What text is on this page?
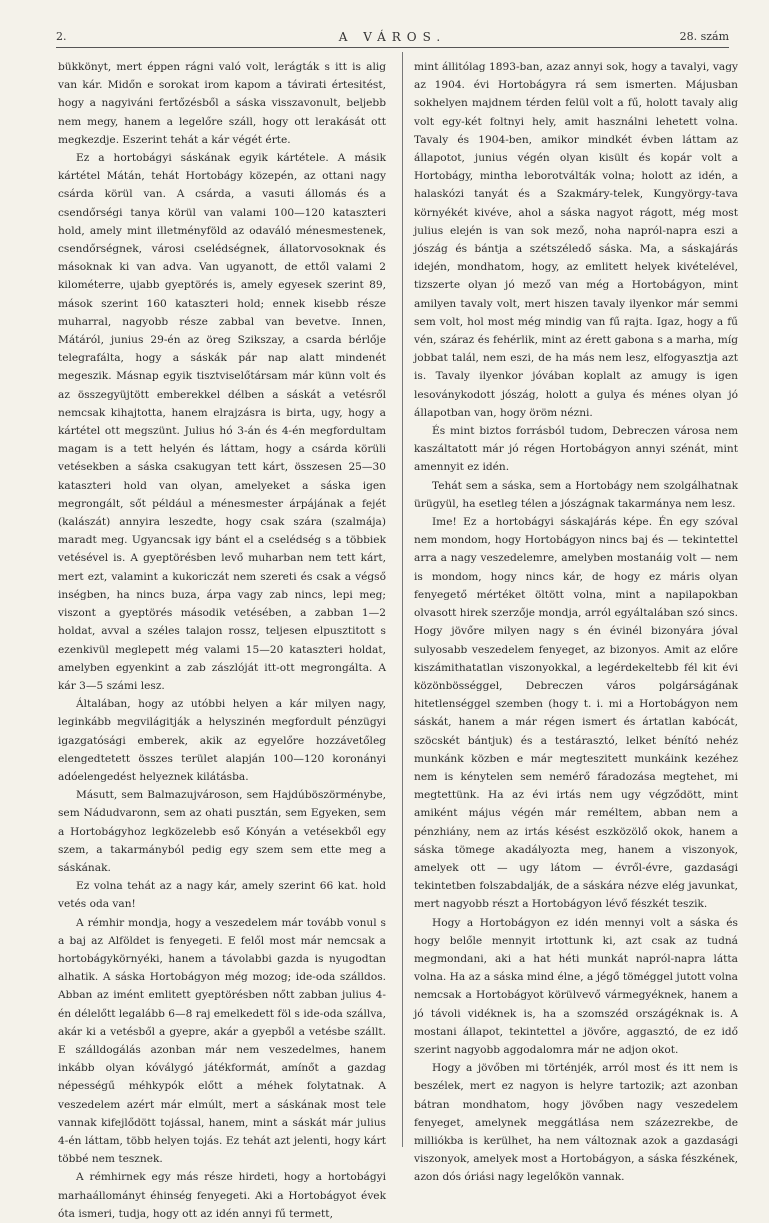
2.	A VÁROS.	28. szám

bükkönyt, mert éppen rágni való volt, lerágták s itt is alig van kár. Midőn e sorokat irom kapom a távirati értesitést, hogy a nagyiváni fertőzésből a sáska visszavonult, beljebb nem megy, hanem a legelőre száll, hogy ott lerakását ott megkezdje. Eszerint tehát a kár végét érte.

Ez a hortobágyi sáskának egyik kártétele. A másik kártétel Mátán, tehát Hortobágy közepén, az ottani nagy csárda körül van. A csárda, a vasuti állomás és a csendőrségi tanya körül van valami 100—120 kataszteri hold, amely mint illetményföld az odaváló ménesmestenek, csendőrségnek, városi cselédségnek, állatorvosoknak és másoknak ki van adva. Van ugyanott, de ettől valami 2 kilométerre, ujabb gyeptörés is, amely egyesek szerint 89, mások szerint 160 kataszteri hold; ennek kisebb része muharral, nagyobb része zabbal van bevetve. Innen, Mátáról, junius 29-én az öreg Szikszay, a csarda bérlője telegrafálta, hogy a sáskák pár nap alatt mindenét megeszik. Másnap egyik tisztviselőtársam már künn volt és az összegyüjtött emberekkel délben a sáskát a vetésről nemcsak kihajtotta, hanem elrajzásra is birta, ugy, hogy a kártétel ott megszünt. Julius hó 3-án és 4-én megfordultam magam is a tett helyén és láttam, hogy a csárda körüli vetésekben a sáska csakugyan tett kárt, összesen 25—30 kataszteri hold van olyan, amelyeket a sáska igen megrongált, sőt például a ménesmester árpájának a fejét (kalászát) annyira leszedte, hogy csak szára (szalmája) maradt meg. Ugyancsak igy bánt el a cselédség s a többiek vetésével is. A gyeptörésben levő muharban nem tett kárt, mert ezt, valamint a kukoriczát nem szereti és csak a végső inségben, ha nincs buza, árpa vagy zab nincs, lepi meg; viszont a gyeptörés második vetésében, a zabban 1—2 holdat, avval a széles talajon rossz, teljesen elpusztitott s ezenkivül meglepett még valami 15—20 kataszteri holdat, amelyben egyenkint a zab zászlóját itt-ott megrongálta. A kár 3—5 számi lesz.

Általában, hogy az utóbbi helyen a kár milyen nagy, leginkább megvilágitják a helyszinén megfordult pénzügyi igazgatósági emberek, akik az egyelőre hozzávetőleg elengedtetett összes terület alapján 100—120 koronányi adóelengedést helyeznek kilátásba.

Másutt, sem Balmazujvároson, sem Hajdúböszörménybe, sem Nádudvaronn, sem az ohati pusztán, sem Egyeken, sem a Hortobágyhoz legközelebb eső Kónyán a vetésekből egy szem, a takarmányból pedig egy szem sem ette meg a sáskának.

Ez volna tehát az a nagy kár, amely szerint 66 kat. hold vetés oda van!

A rémhir mondja, hogy a veszedelem már tovább vonul s a baj az Alföldet is fenyegeti. E felől most már nemcsak a hortobágykörnyéki, hanem a távolabbi gazda is nyugodtan alhatik. A sáska Hortobágyon még mozog; ide-oda szálldos. Abban az imént emlitett gyeptörésben nőtt zabban julius 4-én délelőtt legalább 6—8 raj emelkedett föl s ide-oda szállva, akár ki a vetésből a gyepre, akár a gyepből a vetésbe szállt. E szálldogálás azonban már nem veszedelmes, hanem inkább olyan kóválygó játékformát, amínőt a gazdag népességű méhkypók előtt a méhek folytatnak. A veszedelem azért már elmúlt, mert a sáskának most tele vannak kifejlődött tojással, hanem, mint a sáskát már julius 4-én láttam, több helyen tojás. Ez tehát azt jelenti, hogy kárt többé nem tesznek.

A rémhirnek egy más része hirdeti, hogy a hortobágyi marhaállományt éhinség fenyegeti. Aki a Hortobágyot évek óta ismeri, tudja, hogy ott az idén annyi fű termett,

mint állitólag 1893-ban, azaz annyi sok, hogy a tavalyi, vagy az 1904. évi Hortobágyra rá sem ismerten. Májusban sokhelyen majdnem térden felül volt a fű, holott tavaly alig volt egy-két foltnyi hely, amit használni lehetett volna. Tavaly és 1904-ben, amikor mindkét évben láttam az állapotot, junius végén olyan kisült és kopár volt a Hortobágy, mintha leborotválták volna; holott az idén, a halaskózi tanyát és a Szakmáry-telek, Kungyörgy-tava környékét kivéve, ahol a sáska nagyot rágott, még most julius elején is van sok mező, noha napról-napra eszi a jószág és bántja a szétszéledő sáska. Ma, a sáskajárás idején, mondhatom, hogy, az emlitett helyek kivételével, tizszerte olyan jó mező van még a Hortobágyon, mint amilyen tavaly volt, mert hiszen tavaly ilyenkor már semmi sem volt, hol most még mindig van fű rajta. Igaz, hogy a fű vén, száraz és fehérlik, mint az érett gabona s a marha, míg jobbat talál, nem eszi, de ha más nem lesz, elfogyasztja azt is. Tavaly ilyenkor jóvában koplalt az amugy is igen lesoványkodott jószág, holott a gulya és ménes olyan jó állapotban van, hogy öröm nézni.

És mint biztos forrásból tudom, Debreczen városa nem kaszáltatott már jó régen Hortobágyon annyi szénát, mint amennyit ez idén.

Tehát sem a sáska, sem a Hortobágy nem szolgálhatnak ürügyül, ha esetleg télen a jószágnak takarmánya nem lesz.

Ime! Ez a hortobágyi sáskajárás képe. Én egy szóval nem mondom, hogy Hortobágyon nincs baj és — tekintettel arra a nagy veszedelemre, amelyben mostanáig volt — nem is mondom, hogy nincs kár, de hogy ez máris olyan fenyegető mértéket öltött volna, mint a napilapokban olvasott hirek szerzője mondja, arról egyáltalában szó sincs. Hogy jövőre milyen nagy s én évinél bizonyára jóval sulyosabb veszedelem fenyeget, az bizonyos. Amit az előre kiszámithatatlan viszonyokkal, a legérdekeltebb fél kit évi közönbösséggel, Debreczen város polgárságának hitetlenséggel szemben (hogy t. i. mi a Hortobágyon nem sáskát, hanem a már régen ismert és ártatlan kabócát, szöcskét bántjuk) és a testárasztó, lelket bénító nehéz munkánk közben e már megteszitett munkáink kezéhez nem is kénytelen sem nemérő fáradozása megtehet, mi megtettünk. Ha az évi irtás nem ugy végződött, mint amiként május végén már reméltem, abban nem a pénzhiány, nem az irtás késést eszközölő okok, hanem a sáska tömege akadályozta meg, hanem a viszonyok, amelyek ott — ugy látom — évről-évre, gazdasági tekintetben folszabdalják, de a sáskára nézve elég javunkat, mert nagyobb részt a Hortobágyon lévő fészkét teszik.

Hogy a Hortobágyon ez idén mennyi volt a sáska és hogy belőle mennyit irtottunk ki, azt csak az tudná megmondani, aki a hat héti munkát napról-napra látta volna. Ha az a sáska mind élne, a jégő töméggel jutott volna nemcsak a Hortobágyot körülvevő vármegyéknek, hanem a jó távoli vidéknek is, ha a szomszéd országéknak is. A mostani állapot, tekintettel a jövőre, aggasztó, de ez idő szerint nagyobb aggodalomra már ne adjon okot.

Hogy a jövőben mi történjék, arról most és itt nem is beszélek, mert ez nagyon is helyre tartozik; azt azonban bátran mondhatom, hogy jövőben nagy veszedelem fenyeget, amelynek meggátlása nem százezrekbe, de milliókba is kerülhet, ha nem változnak azok a gazdasági viszonyok, amelyek most a Hortobágyon, a sáska fészkének, azon dós óriási nagy legelőkön vannak.
